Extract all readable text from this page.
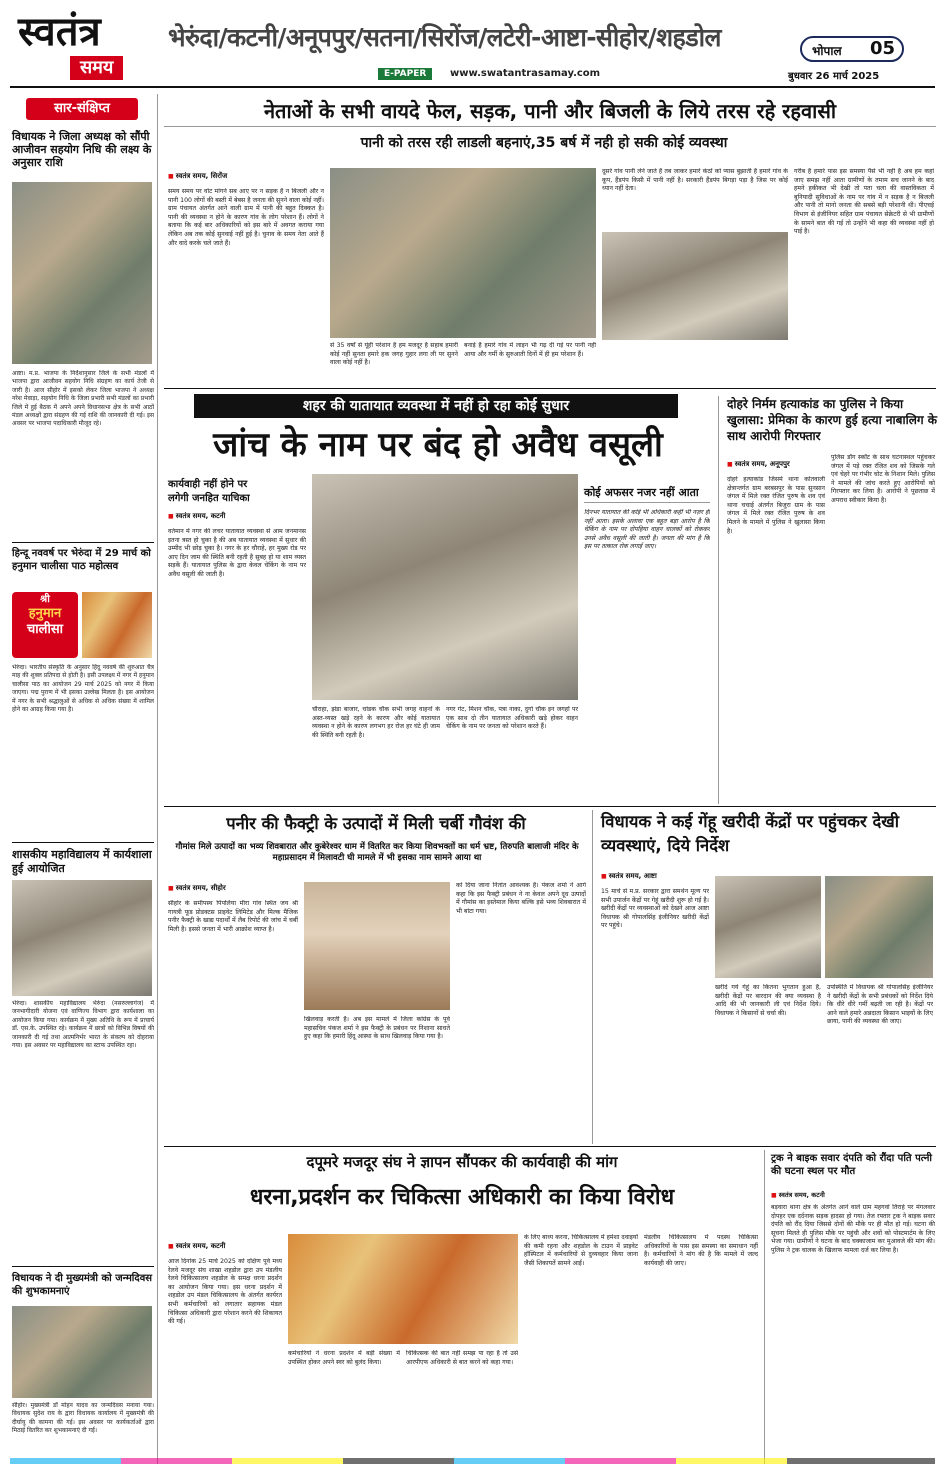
स्वतंत्र
समय
भेरुंदा/कटनी/अनूपपुर/सतना/सिरोंज/लटेरी-आष्टा-सीहोर/शहडोल	भोपाल 05
E-PAPER	www.swatantrasamay.com	बुधवार 26 मार्च 2025
सार-संक्षिप्त
विधायक ने जिला अध्यक्ष को सौंपी आजीवन सहयोग निधि की लक्ष्य के अनुसार राशि
आष्टा। म.प्र. भाजपा के निर्देशानुसार जिले के सभी मंडलों में भाजपा द्वारा आजीवन सहयोग निधि संग्रहण का कार्य तेजी से जारी है। आज सीहोर में इसको लेकर जिला भाजपा ने अध्यक्ष नरेश मेवाड़ा, सहयोग निधि के जिला प्रभारी सभी मंडलों का प्रभारी जिले में हुई बैठक में अपने अपने विधानसभा क्षेत्र के सभी आठों मंडल अध्यक्षों द्वारा संग्रहण की गई राशि की जानकारी दी गई। इस अवसर पर भाजपा पदाधिकारी मौजूद रहे।
हिन्दू नववर्ष पर भेरुंदा में 29 मार्च को हनुमान चालीसा पाठ महोत्सव
श्री
हनुमान
चालीसा
भेरुंदा। भारतीय संस्कृति के अनुसार हिंदू नववर्ष की शुरुआत चैत्र माह की शुक्ल प्रतिपदा से होती है। इसी उपलक्ष्य में नगर में हनुमान चालीसा पाठ का आयोजन 29 मार्च 2025 को नगर में किया जाएगा। पद्म पुराण में भी इसका उल्लेख मिलता है। इस आयोजन में नगर के सभी श्रद्धालुओं से अधिक से अधिक संख्या में शामिल होने का आग्रह किया गया है।
शासकीय महाविद्यालय में कार्यशाला हुई आयोजित
भेरुंदा। शासकीय महाविद्यालय भेरुंदा (नसरुल्लागंज) में जनभागीदारी योजना एवं वाणिज्य विभाग द्वारा कार्यशाला का आयोजन किया गया। कार्यक्रम में मुख्य अतिथि के रूप में प्राचार्य डॉ. एस.के. उपस्थित रहे। कार्यक्रम में छात्रों को विभिन्न विषयों की जानकारी दी गई तथा आत्मनिर्भर भारत के संकल्प को दोहराया गया। इस अवसर पर महाविद्यालय का स्टाफ उपस्थित रहा।
विधायक ने दी मुख्यमंत्री को जन्मदिवस की शुभकामनाएं
सीहोर। मुख्यमंत्री डॉ मोहन यादव का जन्मदिवस मनाया गया। विधायक सुदेश राय के द्वारा विधायक कार्यालय में मुख्यमंत्री की दीर्घायु की कामना की गई। इस अवसर पर कार्यकर्ताओं द्वारा मिठाई वितरित कर शुभकामनाएं दी गईं।
नेताओं के सभी वायदे फेल, सड़क, पानी और बिजली के लिये तरस रहे रहवासी
पानी को तरस रही लाडली बहनाएं,35 बर्ष में नही हो सकी कोई व्यवस्था
■ स्वतंत्र समय, सिरोंज
समय समय पर वोट मांगने सब आए पर न सड़क है न बिजली और न पानी 100 लोगों की बस्ती में बेबस है जनता की सुनने वाला कोई नहीं। ग्राम पंचायत अंतर्गत आने वाली ग्राम में पानी की बहुत दिक्कत है। पानी की व्यवस्था न होने के कारण गांव के लोग परेशान हैं। लोगों ने बताया कि कई बार अधिकारियों को इस बारे में अवगत कराया गया लेकिन अब तक कोई सुनवाई नहीं हुई है। चुनाव के समय नेता आते हैं और वादे करके चले जाते हैं।
से 35 वर्षों से यूंही परेशान है हम मजदूर है सहाब हमारी कोई नहीं सुनता हमारे हक जगह गुहार लगा ली पर सुनने वाला कोई नहीं है।
बनाई है हमारे गांव में लाइन भी गढ़ दी गई पर पानी नहीं आया और गर्मी के सुरुआती दिनों में ही हम परेशान हैं।
दूसरे गांव पानी लेने जाते है तब जाकर हमारे कंठों को प्यास बुझाती है हमारे गांव के कूप, हैंडपंप किसी में पानी नहीं है। सरकारी हैंडपंप बिगड़ा पड़ा है जिस पर कोई ध्यान नहीं देता।
गरीब है हमारे पास इस समस्या पैसे भी नहीं है अब हम कहां जाए समझ नहीं आता ग्रामीणों के तमाम सच जानने के बाद हमने हकीकत भी देखी तो पता चला की वास्तविकता में बुनियादी सुविधाओं के नाम पर गांव में न सड़क है न बिजली और पानी तो मानो जनता की सबसे बड़ी परेशानी थी। पीएचई विभाग से इंजीनियर सहित ग्राम पंचायत सेक्रेटरी से भी ग्रामीणों के सामने बात की गई तो उन्होंने भी कहा की व्यवस्था नहीं हो पाई है।
शहर की यातायात व्यवस्था में नहीं हो रहा कोई सुधार
जांच के नाम पर बंद हो अवैध वसूली
कार्यवाही नहीं होने पर
लगेगी जनहित याचिका
■ स्वतंत्र समय, कटनी
वर्तमान में नगर की लचर यातायात व्यवस्था से आम जनमानस इतना त्रस्त हो चुका है की अब यातायात व्यवस्था में सुधार की उम्मीद भी छोड़ चुका है। नगर के हर चौराहे, हर मुख्य रोड पर आए दिन जाम की स्थिति बनी रहती है सुबह हो या शाम व्यस्त सड़कें हैं। यातायात पुलिस के द्वारा केवल चेकिंग के नाम पर अवैध वसूली की जाती है।
चौराहा, झंडा बाजार, चांडक चौक सभी जगह वाहनों के अस्त-व्यस्त खड़े रहने के कारण और कोई यातायात व्यवस्था न होने के कारण लगभग हर रोज हर घंटे ही जाम की स्थिति बनी रहती है।
नगर गेट, मिशन चौक, पत्रा नाका, दुर्गा चौक इन जगहों पर एक साथ दो तीन यातायात अधिकारी खड़े होकर वाहन चेकिंग के नाम पर जनता को परेशान करते हैं।
कोई अफसर नजर नहीं आता
दिनभर यातायात की कोई भी अधिकारी कहीं भी नज़र ही नहीं आता। इसके अलावा एक बहुत बड़ा आरोप है कि चेकिंग के नाम पर दोपहिया वाहन चालकों को रोककर उनसे अवैध वसूली की जाती है। जनता की मांग है कि इस पर तत्काल रोक लगाई जाए।
दोहरे निर्मम हत्याकांड का पुलिस ने किया खुलासा: प्रेमिका के कारण हुई हत्या नाबालिग के साथ आरोपी गिरफ्तार
■ स्वतंत्र समय, अनूपपुर
दोहरे हत्याकांड जिसमें थाना कोतवाली क्षेत्रान्तर्गत ग्राम बरबसपुर के पास सुनसान जंगल में मिले रक्त रंजित पुरुष के शव एवं थाना चचाई अंतर्गत बिजुरा ग्राम के पास जंगल में मिले रक्त रंजित पुरुष के शव मिलने के मामले में पुलिस ने खुलासा किया है।
पुलिस डॉग स्कॉट के साथ घटनास्थल पहुंचकर जंगल में पड़े रक्त रंजित शव को जिसके गले एवं चेहरे पर गंभीर चोट के निशान मिले। पुलिस ने मामले की जांच करते हुए आरोपियों को गिरफ्तार कर लिया है। आरोपी ने पूछताछ में अपराध स्वीकार किया है।
पनीर की फैक्ट्री के उत्पादों में मिली चर्बी गौवंश की
गौमांस मिले उत्पादों का भव्य शिवबारात और कुबेरेश्वर धाम में वितरित कर किया शिवभक्तों का धर्म भ्रष्ट, तिरुपति बालाजी मंदिर के महाप्रसादम में मिलावटी घी मामले में भी इसका नाम सामने आया था
■ स्वतंत्र समय, सीहोर
सीहोर के समीपस्थ पिपलिया मीरा गांव स्थित जय श्री गायत्री फूड प्रोडक्टस प्राइवेट लिमिटेड और मिल्क मैजिक पनीर फैक्ट्री के खाद्य पदार्थों में लैब रिपोर्ट की जांच में चर्बी मिली है। इससे जनता में भारी आक्रोश व्याप्त है।
खिलवाड़ करती है। अब इस मामले में जिला कांग्रेस के पूर्व महासचिव पंकज शर्मा ने इस फैक्ट्री के प्रबंधन पर निशाना साधते हुए कहा कि हमारी हिंदू आस्था के साथ खिलवाड़ किया गया है।
को दिया जाना नितांत आवश्यक है। पंकज शर्मा ने आगे कहा कि इस फैक्ट्री प्रबंधन ने ना केवल अपने दूध उत्पादों में गौमांस का इस्तेमाल किया बल्कि इसे भव्य शिवबारात में भी बांटा गया।
विधायक ने कई गेंहू खरीदी केंद्रों पर पहुंचकर देखी व्यवस्थाएं, दिये निर्देश
■ स्वतंत्र समय, आष्टा
15 मार्च से म.प्र. सरकार द्वारा समर्थन मूल्य पर सभी उपार्जन केंद्रों पर गेहूं खरीदी शुरू हो गई है। खरीदी केंद्रों पर व्यवस्थाओं को देखने आज आष्टा विधायक श्री गोपालसिंह इंजीनियर खरीदी केंद्रों पर पहुंचे।
खरीदे गये गेहूं का कितना भुगतान हुआ है, खरीदी केंद्रों पर बारदान की क्या व्यवस्था है आदि की भी जानकारी ली एवं निर्देश दिये। विधायक ने किसानों से चर्चा की।
उपस्थिति में विधायक श्री गोपालसिंह इंजीनियर ने खरीदी केंद्रों के सभी प्रबंधकों को निर्देश दिये कि धीरे धीरे गर्मी बढ़ती जा रही है। केंद्रों पर आने वाले हमारे अन्नदाता किसान भाइयों के लिए छाया, पानी की व्यवस्था की जाए।
दपूमरे मजदूर संघ ने ज्ञापन सौंपकर की कार्यवाही की मांग
धरना,प्रदर्शन कर चिकित्सा अधिकारी का किया विरोध
■ स्वतंत्र समय, कटनी
आज दिनांक 25 मार्च 2025 को दक्षिण पूर्व मध्य रेलवे मजदूर संघ शाखा शहडोल द्वारा उप मंडलीय रेलवे चिकित्सालय शहडोल के समक्ष धरना प्रदर्शन का आयोजन किया गया। इस धरना प्रदर्शन में शहडोल उप मंडल चिकित्सालय के अंतर्गत कार्यरत सभी कर्मचारियों को लगातार सहायक मंडल चिकित्सा अधिकारी द्वारा परेशान करने की शिकायत की गई।
कर्मचारियों ने धरना प्रदर्शन में बड़ी संख्या में उपस्थित होकर अपने स्वर को बुलंद किया।
चिकित्सक की बात नहीं समझ पा रहा है तो उसे आरपीएफ अधिकारी से बात करने को कहा गया।
के लिए बाध्य करना, चिकित्सालय में हमेशा दवाइयों की कमी रहना और शहडोल के टाउन में प्राइवेट हॉस्पिटल में कर्मचारियों से दुव्यवहार किया जाना जैसी शिकायतें सामने आईं।
मंडलीय चिकित्सालय में पदस्थ चिकित्सा अधिकारियों के पास इस समस्या का समाधान नहीं है। कर्मचारियों ने मांग की है कि मामले में जल्द कार्यवाही की जाए।
ट्रक ने बाइक सवार दंपति को रौंदा पति पत्नी की घटना स्थल पर मौत
■ स्वतंत्र समय, कटनी
बड़वारा थाना क्षेत्र के अंतर्गत आने वाले ग्राम महगवां तिराहे पर मंगलवार दोपहर एक दर्दनाक सड़क हादसा हो गया। तेज रफ्तार ट्रक ने बाइक सवार दंपति को रौंद दिया जिससे दोनों की मौके पर ही मौत हो गई। घटना की सूचना मिलते ही पुलिस मौके पर पहुंची और शवों को पोस्टमार्टम के लिए भेजा गया। ग्रामीणों ने घटना के बाद चक्काजाम कर मुआवजे की मांग की। पुलिस ने ट्रक चालक के खिलाफ मामला दर्ज कर लिया है।
